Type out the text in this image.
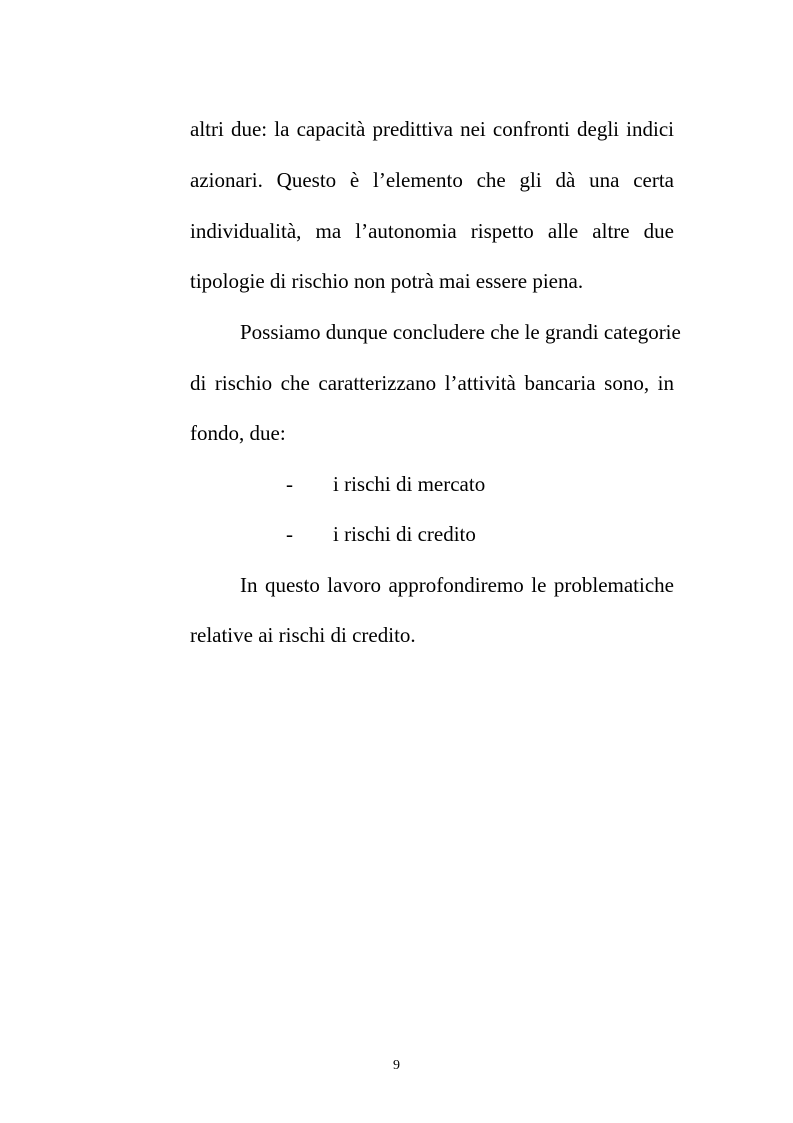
altri due: la capacità predittiva nei confronti degli indici
azionari. Questo è l’elemento che gli dà una certa
individualità, ma l’autonomia rispetto alle altre due
tipologie di rischio non potrà mai essere piena.
Possiamo dunque concludere che le grandi categorie
di rischio che caratterizzano l’attività bancaria sono, in
fondo, due:
- i rischi di mercato
- i rischi di credito
In questo lavoro approfondiremo le problematiche
relative ai rischi di credito.
9
